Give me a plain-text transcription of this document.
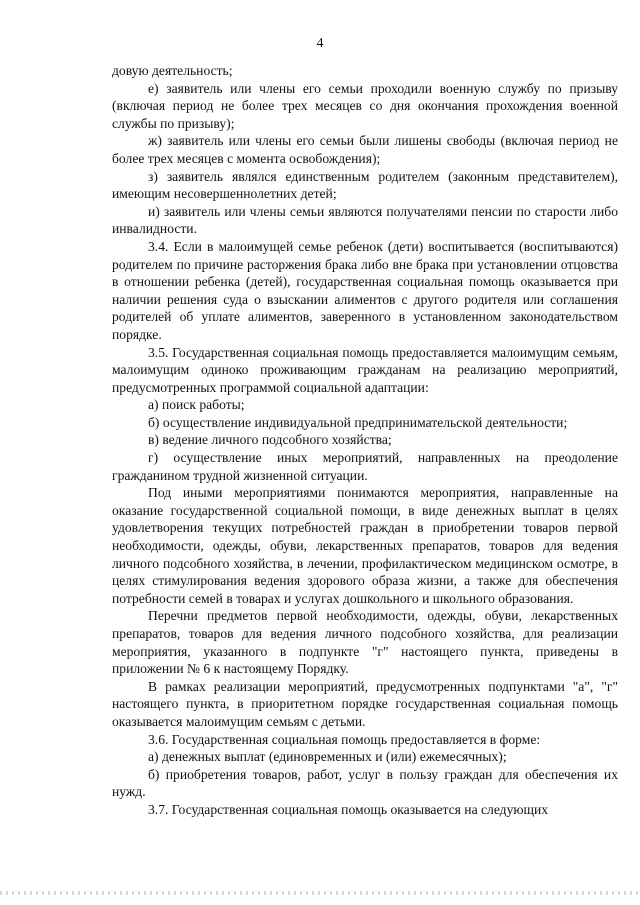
4

довую деятельность;

е) заявитель или члены его семьи проходили военную службу по призыву (включая период не более трех месяцев со дня окончания прохождения военной службы по призыву);

ж) заявитель или члены его семьи были лишены свободы (включая период не более трех месяцев с момента освобождения);

з) заявитель являлся единственным родителем (законным представителем), имеющим несовершеннолетних детей;

и) заявитель или члены семьи являются получателями пенсии по старости либо инвалидности.

3.4. Если в малоимущей семье ребенок (дети) воспитывается (воспитываются) родителем по причине расторжения брака либо вне брака при установлении отцовства в отношении ребенка (детей), государственная социальная помощь оказывается при наличии решения суда о взыскании алиментов с другого родителя или соглашения родителей об уплате алиментов, заверенного в установленном законодательством порядке.

3.5. Государственная социальная помощь предоставляется малоимущим семьям, малоимущим одиноко проживающим гражданам на реализацию мероприятий, предусмотренных программой социальной адаптации:

а) поиск работы;

б) осуществление индивидуальной предпринимательской деятельности;

в) ведение личного подсобного хозяйства;

г) осуществление иных мероприятий, направленных на преодоление гражданином трудной жизненной ситуации.

Под иными мероприятиями понимаются мероприятия, направленные на оказание государственной социальной помощи, в виде денежных выплат в целях удовлетворения текущих потребностей граждан в приобретении товаров первой необходимости, одежды, обуви, лекарственных препаратов, товаров для ведения личного подсобного хозяйства, в лечении, профилактическом медицинском осмотре, в целях стимулирования ведения здорового образа жизни, а также для обеспечения потребности семей в товарах и услугах дошкольного и школьного образования.

Перечни предметов первой необходимости, одежды, обуви, лекарственных препаратов, товаров для ведения личного подсобного хозяйства, для реализации мероприятия, указанного в подпункте "г" настоящего пункта, приведены в приложении № 6 к настоящему Порядку.

В рамках реализации мероприятий, предусмотренных подпунктами "а", "г" настоящего пункта, в приоритетном порядке государственная социальная помощь оказывается малоимущим семьям с детьми.

3.6. Государственная социальная помощь предоставляется в форме:

а) денежных выплат (единовременных и (или) ежемесячных);

б) приобретения товаров, работ, услуг в пользу граждан для обеспечения их нужд.

3.7. Государственная социальная помощь оказывается на следующих
